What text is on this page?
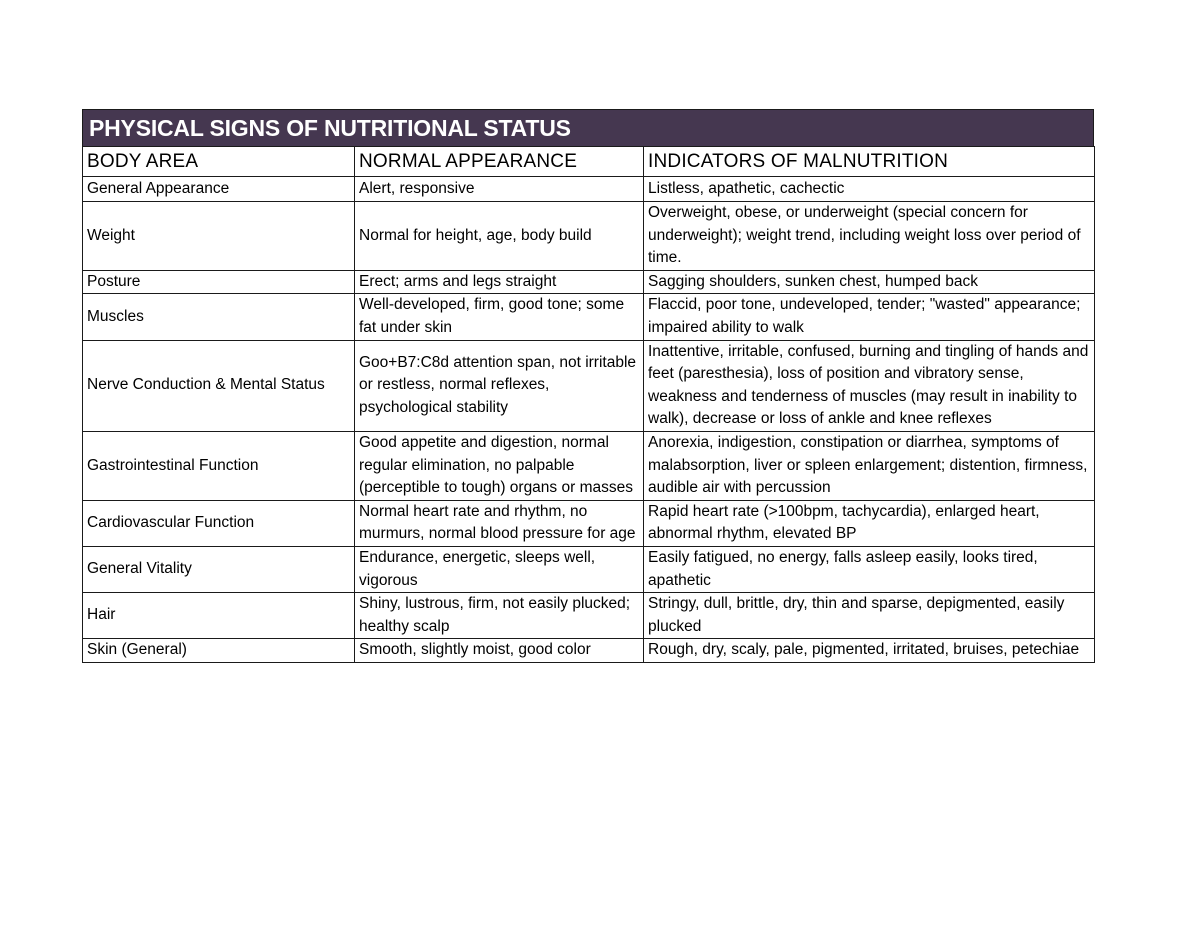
PHYSICAL SIGNS OF NUTRITIONAL STATUS
BODY AREA	NORMAL APPEARANCE	INDICATORS OF MALNUTRITION
General Appearance	Alert, responsive	Listless, apathetic, cachectic
Weight	Normal for height, age, body build	Overweight, obese, or underweight (special concern for underweight); weight trend, including weight loss over period of time.
Posture	Erect; arms and legs straight	Sagging shoulders, sunken chest, humped back
Muscles	Well-developed, firm, good tone; some fat under skin	Flaccid, poor tone, undeveloped, tender; "wasted" appearance; impaired ability to walk
Nerve Conduction & Mental Status	Goo+B7:C8d attention span, not irritable or restless, normal reflexes, psychological stability	Inattentive, irritable, confused, burning and tingling of hands and feet (paresthesia), loss of position and vibratory sense, weakness and tenderness of muscles (may result in inability to walk), decrease or loss of ankle and knee reflexes
Gastrointestinal Function	Good appetite and digestion, normal regular elimination, no palpable (perceptible to tough) organs or masses	Anorexia, indigestion, constipation or diarrhea, symptoms of malabsorption, liver or spleen enlargement; distention, firmness, audible air with percussion
Cardiovascular Function	Normal heart rate and rhythm, no murmurs, normal blood pressure for age	Rapid heart rate (>100bpm, tachycardia), enlarged heart, abnormal rhythm, elevated BP
General Vitality	Endurance, energetic, sleeps well, vigorous	Easily fatigued, no energy, falls asleep easily, looks tired, apathetic
Hair	Shiny, lustrous, firm, not easily plucked; healthy scalp	Stringy, dull, brittle, dry, thin and sparse, depigmented, easily plucked
Skin (General)	Smooth, slightly moist, good color	Rough, dry, scaly, pale, pigmented, irritated, bruises, petechiae
